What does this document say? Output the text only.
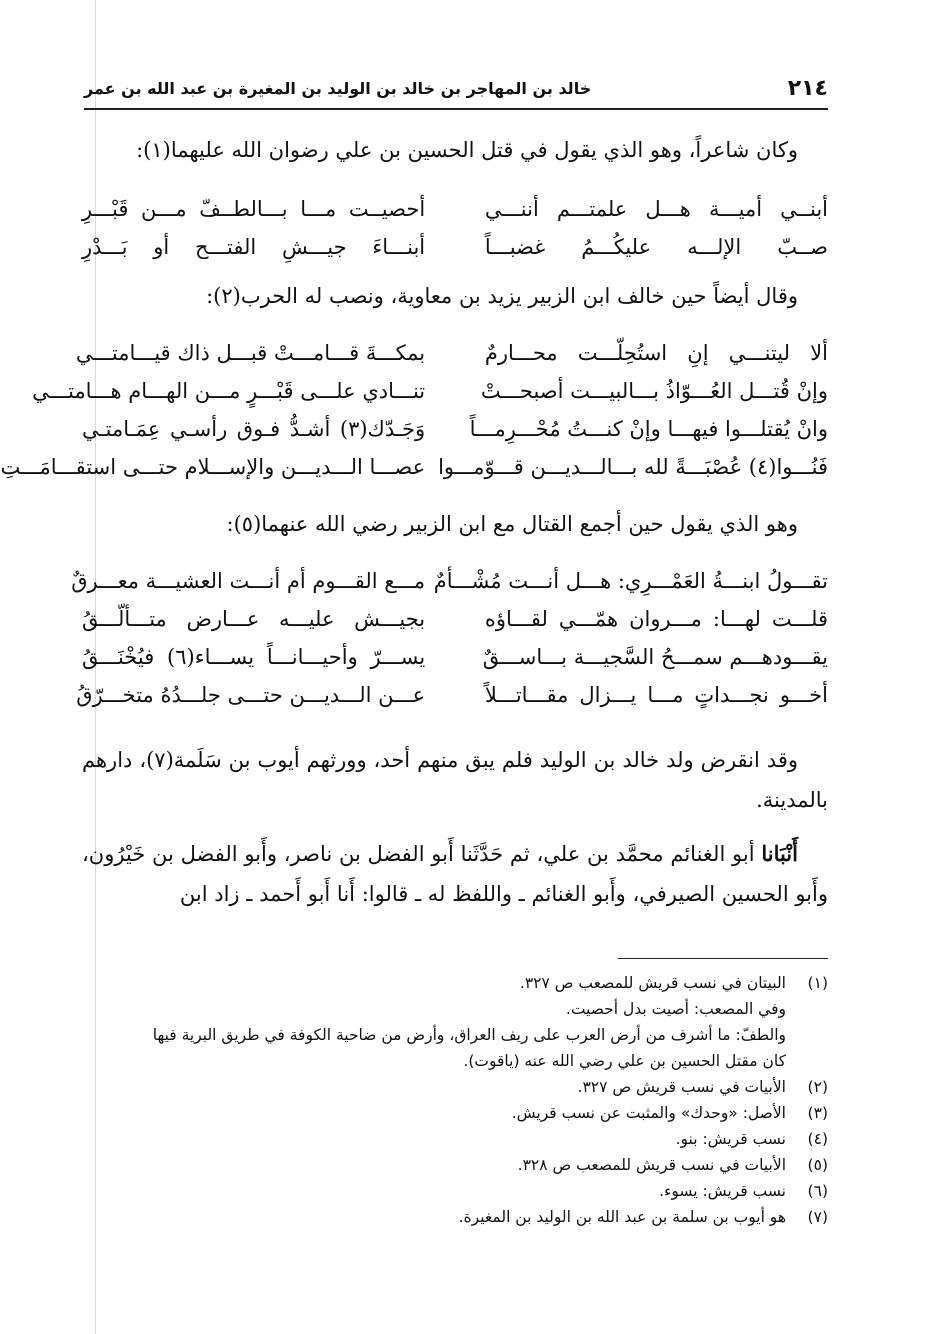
٢١٤
خالد بن المهاجر بن خالد بن الوليد بن المغيرة بن عبد الله بن عمر

وكان شاعراً، وهو الذي يقول في قتل الحسين بن علي رضوان الله عليهما(١):

أبنــي أميـــة هـــل علمتـــم أننـــي
أحصيــت مـــا بـــالطــفّ مـــن قَبْـــرِ
صــبّ الإلـــه عليكُـــمُ غضبـــاً
أبنـــاءَ جيـــشِ الفتـــح أو بَـــدْرِ

وقال أيضاً حين خالف ابن الزبير يزيد بن معاوية، ونصب له الحرب(٢):

ألا ليتنـــي إنِ استُحِلّـــت محـــارمٌ
بمكـــةَ قـــامـــتْ قبـــل ذاك قيـــامتـــي
وإنْ قُتـــل العُـــوّاذُ بـــالبيـــت أصبحـــتْ
تنـــادي علـــى قَبْـــرٍ مـــن الهـــام هـــامتـــي
وانْ يُقتلـــوا فيهـــا وإنْ كنـــتُ مُحْـــرِمـــاً
وَجَـدّك(٣) أشـدُّ فـوق رأسـي عِمَـامتـي
فَنُـــوا(٤) عُصْبَـــةً لله بـــالـــديـــن قـــوّمـــوا
عصـــا الـــديـــن والإســـلام حتـــى استقـــامَـــتِ

وهو الذي يقول حين أجمع القتال مع ابن الزبير رضي الله عنهما(٥):

تقـــولُ ابنـــةُ العَمْـــرِي: هـــل أنـــت مُشْـــأمٌ
مـــع القـــوم أم أنـــت العشيـــة معـــرقٌ
قلـــت لهـــا: مـــروان همّـــي لقـــاؤه
بجيـــش عليـــه عـــارض متـــألّـــقُ
يقـــودهـــم سمـــحُ السَّجيـــة بـــاســـقٌ
يســـرّ وأحيـــانـــاً يســـاء(٦) فيُخْنَـــقُ
أخـــو نجـــداتٍ مـــا يـــزال مقـــاتـــلاً
عـــن الـــديـــن حتـــى جلـــدُهُ متخـــرّقُ

وقد انقرض ولد خالد بن الوليد فلم يبق منهم أحد، وورثهم أيوب بن سَلَمة(٧)، دارهم بالمدينة.

أَنْبَانا أبو الغنائم محمَّد بن علي، ثم حَدَّثَنا أَبو الفضل بن ناصر، وأَبو الفضل بن خَيْرُون، وأَبو الحسين الصيرفي، وأَبو الغنائم ـ واللفظ له ـ قالوا: أَنا أَبو أَحمد ـ زاد ابن

(١)
البيتان في نسب قريش للمصعب ص ٣٢٧.
وفي المصعب: أصيت بدل أحصيت.
والطفّ: ما أشرف من أرض العرب على ريف العراق، وأرض من ضاحية الكوفة في طريق البرية فيها
كان مقتل الحسين بن علي رضي الله عنه (ياقوت).
(٢)
الأبيات في نسب قريش ص ٣٢٧.
(٣)
الأصل: «وحدك» والمثبت عن نسب قريش.
(٤)
نسب قريش: بنو.
(٥)
الأبيات في نسب قريش للمصعب ص ٣٢٨.
(٦)
نسب قريش: يسوء.
(٧)
هو أيوب بن سلمة بن عبد الله بن الوليد بن المغيرة.
